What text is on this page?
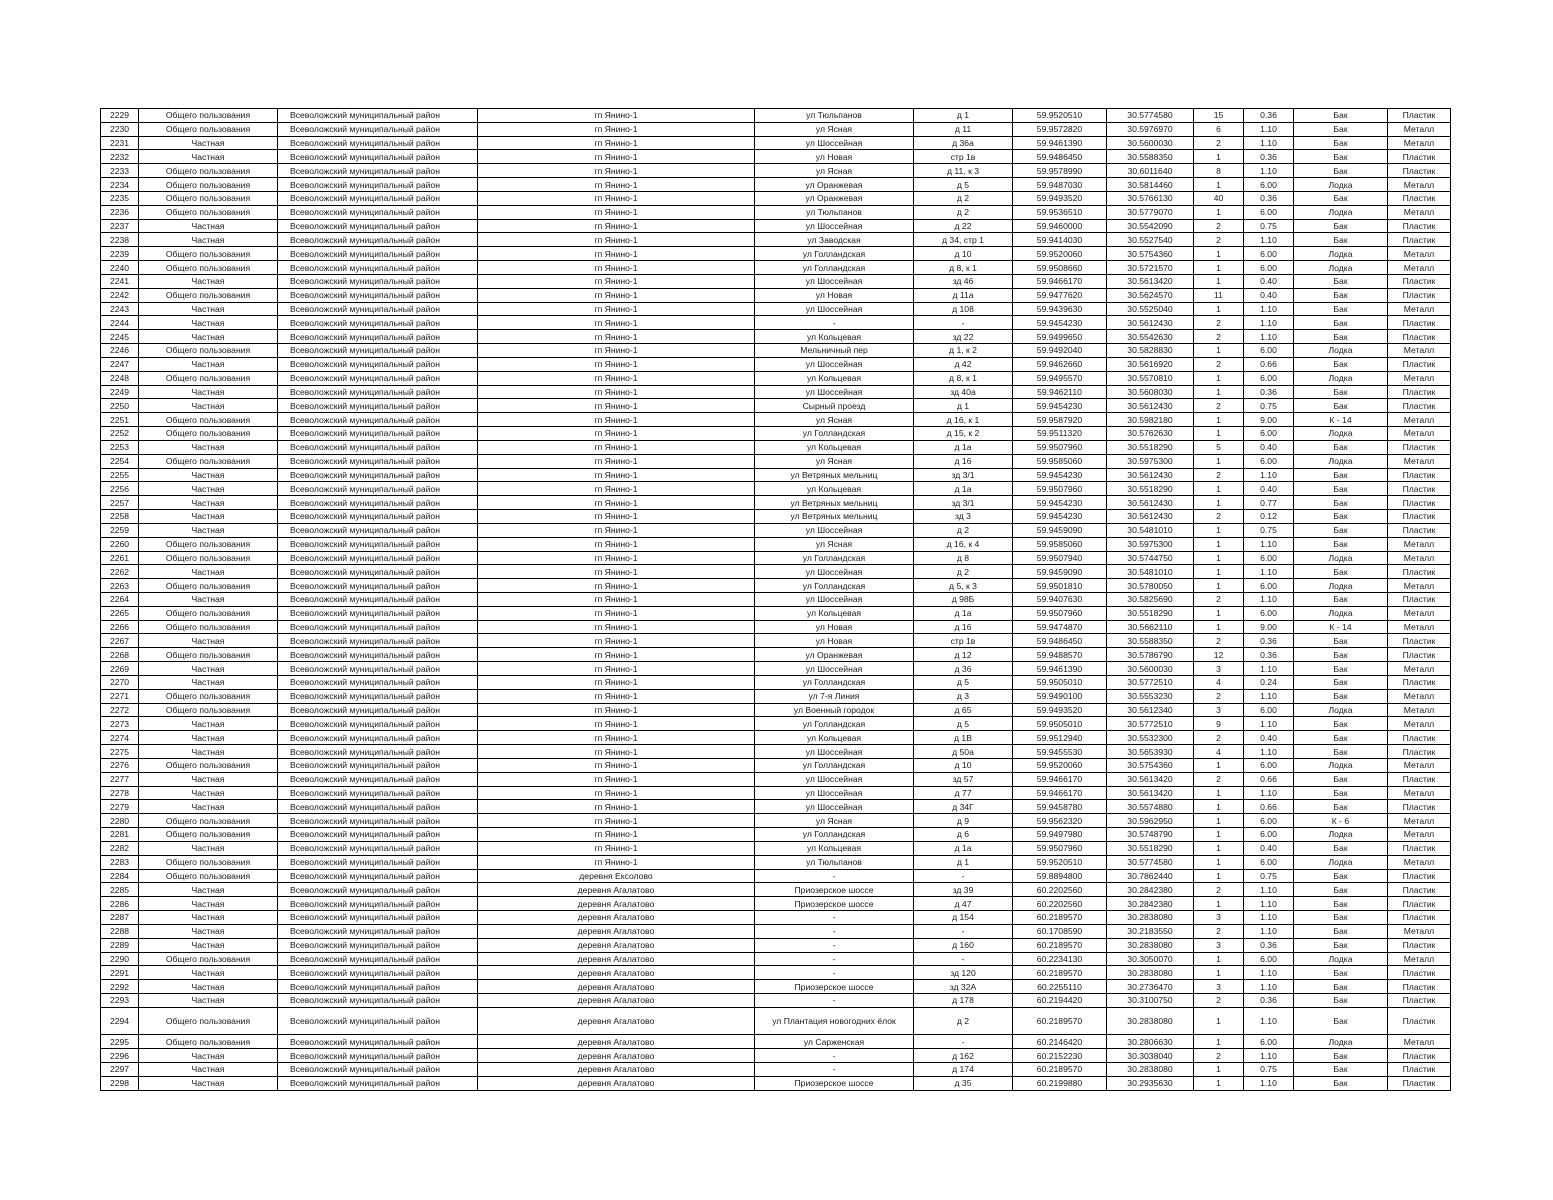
2229	Общего пользования	Всеволожский муниципальный район	гп Янино-1	ул Тюльпанов	д 1	59.9520510	30.5774580	15	0.36	Бак	Пластик
2230	Общего пользования	Всеволожский муниципальный район	гп Янино-1	ул Ясная	д 11	59.9572820	30.5976970	6	1.10	Бак	Металл
2231	Частная	Всеволожский муниципальный район	гп Янино-1	ул Шоссейная	д 36а	59.9461390	30.5600030	2	1.10	Бак	Металл
2232	Частная	Всеволожский муниципальный район	гп Янино-1	ул Новая	стр 1в	59.9486450	30.5588350	1	0.36	Бак	Пластик
2233	Общего пользования	Всеволожский муниципальный район	гп Янино-1	ул Ясная	д 11, к 3	59.9578990	30.6011640	8	1.10	Бак	Пластик
2234	Общего пользования	Всеволожский муниципальный район	гп Янино-1	ул Оранжевая	д 5	59.9487030	30.5814460	1	6.00	Лодка	Металл
2235	Общего пользования	Всеволожский муниципальный район	гп Янино-1	ул Оранжевая	д 2	59.9493520	30.5766130	40	0.36	Бак	Пластик
2236	Общего пользования	Всеволожский муниципальный район	гп Янино-1	ул Тюльпанов	д 2	59.9536510	30.5779070	1	6.00	Лодка	Металл
2237	Частная	Всеволожский муниципальный район	гп Янино-1	ул Шоссейная	д 22	59.9460000	30.5542090	2	0.75	Бак	Пластик
2238	Частная	Всеволожский муниципальный район	гп Янино-1	ул Заводская	д 34, стр 1	59.9414030	30.5527540	2	1.10	Бак	Пластик
2239	Общего пользования	Всеволожский муниципальный район	гп Янино-1	ул Голландская	д 10	59.9520060	30.5754360	1	6.00	Лодка	Металл
2240	Общего пользования	Всеволожский муниципальный район	гп Янино-1	ул Голландская	д 8, к 1	59.9508660	30.5721570	1	6.00	Лодка	Металл
2241	Частная	Всеволожский муниципальный район	гп Янино-1	ул Шоссейная	зд 46	59.9466170	30.5613420	1	0.40	Бак	Пластик
2242	Общего пользования	Всеволожский муниципальный район	гп Янино-1	ул Новая	д 11а	59.9477620	30.5624570	11	0.40	Бак	Пластик
2243	Частная	Всеволожский муниципальный район	гп Янино-1	ул Шоссейная	д 108	59.9439630	30.5525040	1	1.10	Бак	Металл
2244	Частная	Всеволожский муниципальный район	гп Янино-1	-	-	59.9454230	30.5612430	2	1.10	Бак	Пластик
2245	Частная	Всеволожский муниципальный район	гп Янино-1	ул Кольцевая	зд 22	59.9499650	30.5542630	2	1.10	Бак	Пластик
2246	Общего пользования	Всеволожский муниципальный район	гп Янино-1	Мельничный пер	д 1, к 2	59.9492040	30.5828830	1	6.00	Лодка	Металл
2247	Частная	Всеволожский муниципальный район	гп Янино-1	ул Шоссейная	д 42	59.9462660	30.5616920	2	0.66	Бак	Пластик
2248	Общего пользования	Всеволожский муниципальный район	гп Янино-1	ул Кольцевая	д 8, к 1	59.9495570	30.5570810	1	6.00	Лодка	Металл
2249	Частная	Всеволожский муниципальный район	гп Янино-1	ул Шоссейная	зд 40а	59.9462110	30.5608030	1	0.36	Бак	Пластик
2250	Частная	Всеволожский муниципальный район	гп Янино-1	Сырный проезд	д 1	59.9454230	30.5612430	2	0.75	Бак	Пластик
2251	Общего пользования	Всеволожский муниципальный район	гп Янино-1	ул Ясная	д 16, к 1	59.9587920	30.5982180	1	9.00	К - 14	Металл
2252	Общего пользования	Всеволожский муниципальный район	гп Янино-1	ул Голландская	д 15, к 2	59.9511320	30.5762630	1	6.00	Лодка	Металл
2253	Частная	Всеволожский муниципальный район	гп Янино-1	ул Кольцевая	д 1а	59.9507960	30.5518290	5	0.40	Бак	Пластик
2254	Общего пользования	Всеволожский муниципальный район	гп Янино-1	ул Ясная	д 16	59.9585060	30.5975300	1	6.00	Лодка	Металл
2255	Частная	Всеволожский муниципальный район	гп Янино-1	ул Ветряных мельниц	зд 3/1	59.9454230	30.5612430	2	1.10	Бак	Пластик
2256	Частная	Всеволожский муниципальный район	гп Янино-1	ул Кольцевая	д 1а	59.9507960	30.5518290	1	0.40	Бак	Пластик
2257	Частная	Всеволожский муниципальный район	гп Янино-1	ул Ветряных мельниц	зд 3/1	59.9454230	30.5612430	1	0.77	Бак	Пластик
2258	Частная	Всеволожский муниципальный район	гп Янино-1	ул Ветряных мельниц	зд 3	59.9454230	30.5612430	2	0.12	Бак	Пластик
2259	Частная	Всеволожский муниципальный район	гп Янино-1	ул Шоссейная	д 2	59.9459090	30.5481010	1	0.75	Бак	Пластик
2260	Общего пользования	Всеволожский муниципальный район	гп Янино-1	ул Ясная	д 16, к 4	59.9585060	30.5975300	1	1.10	Бак	Металл
2261	Общего пользования	Всеволожский муниципальный район	гп Янино-1	ул Голландская	д 8	59.9507940	30.5744750	1	6.00	Лодка	Металл
2262	Частная	Всеволожский муниципальный район	гп Янино-1	ул Шоссейная	д 2	59.9459090	30.5481010	1	1.10	Бак	Пластик
2263	Общего пользования	Всеволожский муниципальный район	гп Янино-1	ул Голландская	д 5, к 3	59.9501810	30.5780050	1	6.00	Лодка	Металл
2264	Частная	Всеволожский муниципальный район	гп Янино-1	ул Шоссейная	д 98Б	59.9407630	30.5825690	2	1.10	Бак	Пластик
2265	Общего пользования	Всеволожский муниципальный район	гп Янино-1	ул Кольцевая	д 1а	59.9507960	30.5518290	1	6.00	Лодка	Металл
2266	Общего пользования	Всеволожский муниципальный район	гп Янино-1	ул Новая	д 16	59.9474870	30.5662110	1	9.00	К - 14	Металл
2267	Частная	Всеволожский муниципальный район	гп Янино-1	ул Новая	стр 1в	59.9486450	30.5588350	2	0.36	Бак	Пластик
2268	Общего пользования	Всеволожский муниципальный район	гп Янино-1	ул Оранжевая	д 12	59.9488570	30.5786790	12	0.36	Бак	Пластик
2269	Частная	Всеволожский муниципальный район	гп Янино-1	ул Шоссейная	д 36	59.9461390	30.5600030	3	1.10	Бак	Металл
2270	Частная	Всеволожский муниципальный район	гп Янино-1	ул Голландская	д 5	59.9505010	30.5772510	4	0.24	Бак	Пластик
2271	Общего пользования	Всеволожский муниципальный район	гп Янино-1	ул 7-я Линия	д 3	59.9490100	30.5553230	2	1.10	Бак	Металл
2272	Общего пользования	Всеволожский муниципальный район	гп Янино-1	ул Военный городок	д 65	59.9493520	30.5612340	3	6.00	Лодка	Металл
2273	Частная	Всеволожский муниципальный район	гп Янино-1	ул Голландская	д 5	59.9505010	30.5772510	9	1.10	Бак	Металл
2274	Частная	Всеволожский муниципальный район	гп Янино-1	ул Кольцевая	д 1В	59.9512940	30.5532300	2	0.40	Бак	Пластик
2275	Частная	Всеволожский муниципальный район	гп Янино-1	ул Шоссейная	д 50а	59.9455530	30.5653930	4	1.10	Бак	Пластик
2276	Общего пользования	Всеволожский муниципальный район	гп Янино-1	ул Голландская	д 10	59.9520060	30.5754360	1	6.00	Лодка	Металл
2277	Частная	Всеволожский муниципальный район	гп Янино-1	ул Шоссейная	зд 57	59.9466170	30.5613420	2	0.66	Бак	Пластик
2278	Частная	Всеволожский муниципальный район	гп Янино-1	ул Шоссейная	д 77	59.9466170	30.5613420	1	1.10	Бак	Металл
2279	Частная	Всеволожский муниципальный район	гп Янино-1	ул Шоссейная	д 34Г	59.9458780	30.5574880	1	0.66	Бак	Пластик
2280	Общего пользования	Всеволожский муниципальный район	гп Янино-1	ул Ясная	д 9	59.9562320	30.5962950	1	6.00	К - 6	Металл
2281	Общего пользования	Всеволожский муниципальный район	гп Янино-1	ул Голландская	д 6	59.9497980	30.5748790	1	6.00	Лодка	Металл
2282	Частная	Всеволожский муниципальный район	гп Янино-1	ул Кольцевая	д 1а	59.9507960	30.5518290	1	0.40	Бак	Пластик
2283	Общего пользования	Всеволожский муниципальный район	гп Янино-1	ул Тюльпанов	д 1	59.9520510	30.5774580	1	6.00	Лодка	Металл
2284	Общего пользования	Всеволожский муниципальный район	деревня Ексолово	-	-	59.8894800	30.7862440	1	0.75	Бак	Пластик
2285	Частная	Всеволожский муниципальный район	деревня Агалатово	Приозерское шоссе	зд 39	60.2202560	30.2842380	2	1.10	Бак	Пластик
2286	Частная	Всеволожский муниципальный район	деревня Агалатово	Приозерское шоссе	д 47	60.2202560	30.2842380	1	1.10	Бак	Пластик
2287	Частная	Всеволожский муниципальный район	деревня Агалатово	-	д 154	60.2189570	30.2838080	3	1.10	Бак	Пластик
2288	Частная	Всеволожский муниципальный район	деревня Агалатово	-	-	60.1708590	30.2183550	2	1.10	Бак	Металл
2289	Частная	Всеволожский муниципальный район	деревня Агалатово	-	д 160	60.2189570	30.2838080	3	0.36	Бак	Пластик
2290	Общего пользования	Всеволожский муниципальный район	деревня Агалатово	-	-	60.2234130	30.3050070	1	6.00	Лодка	Металл
2291	Частная	Всеволожский муниципальный район	деревня Агалатово	-	зд 120	60.2189570	30.2838080	1	1.10	Бак	Пластик
2292	Частная	Всеволожский муниципальный район	деревня Агалатово	Приозерское шоссе	зд 32А	60.2255110	30.2736470	3	1.10	Бак	Пластик
2293	Частная	Всеволожский муниципальный район	деревня Агалатово	-	д 178	60.2194420	30.3100750	2	0.36	Бак	Пластик
2294	Общего пользования	Всеволожский муниципальный район	деревня Агалатово	ул Плантация новогодних ёлок	д 2	60.2189570	30.2838080	1	1.10	Бак	Пластик
2295	Общего пользования	Всеволожский муниципальный район	деревня Агалатово	ул Сарженская	-	60.2146420	30.2806630	1	6.00	Лодка	Металл
2296	Частная	Всеволожский муниципальный район	деревня Агалатово	-	д 162	60.2152230	30.3038040	2	1.10	Бак	Пластик
2297	Частная	Всеволожский муниципальный район	деревня Агалатово	-	д 174	60.2189570	30.2838080	1	0.75	Бак	Пластик
2298	Частная	Всеволожский муниципальный район	деревня Агалатово	Приозерское шоссе	д 35	60.2199880	30.2935630	1	1.10	Бак	Пластик
